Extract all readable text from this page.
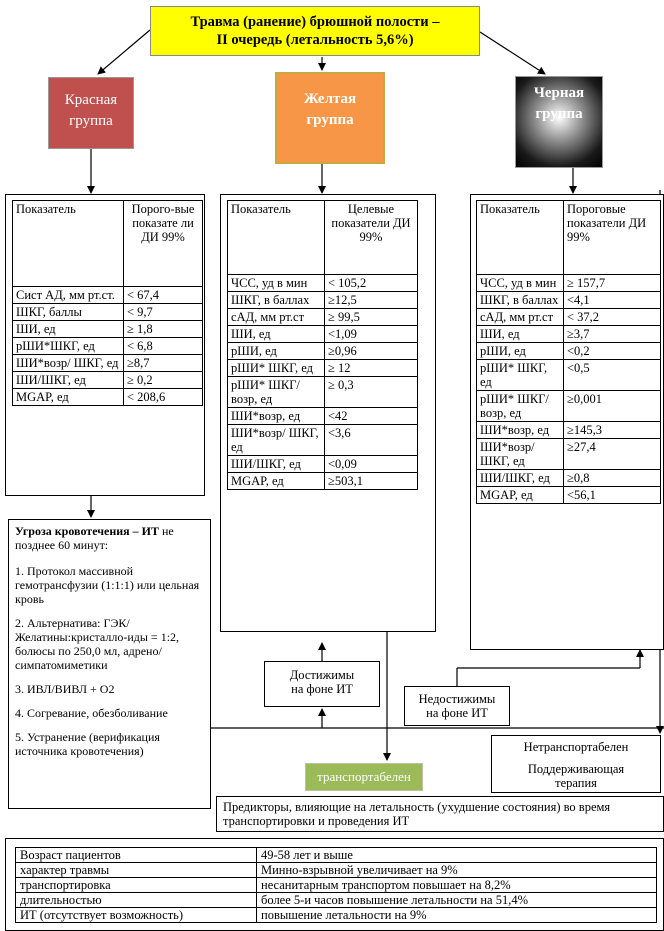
Травма (ранение) брюшной полости –
II очередь (летальность 5,6%)
Красная
группа
Желтая
группа
Черная
группа
Показатель	Порого-вые показате ли ДИ 99%
Сист АД, мм рт.ст.	< 67,4
ШКГ, баллы	< 9,7
ШИ, ед	≥ 1,8
рШИ*ШКГ, ед	< 6,8
ШИ*возр/ ШКГ, ед	≥8,7
ШИ/ШКГ, ед	≥ 0,2
MGAP, ед	< 208,6
Показатель	Целевые показатели ДИ 99%
ЧСС, уд в мин	< 105,2
ШКГ, в баллах	≥12,5
сАД, мм рт.ст	≥ 99,5
ШИ, ед	<1,09
рШИ, ед	≥0,96
рШИ* ШКГ, ед	≥ 12
рШИ* ШКГ/ возр, ед	≥ 0,3
ШИ*возр, ед	<42
ШИ*возр/ ШКГ, ед	<3,6
ШИ/ШКГ, ед	<0,09
MGAP, ед	≥503,1
Показатель	Пороговые показатели ДИ 99%
ЧСС, уд в мин	≥ 157,7
ШКГ, в баллах	<4,1
сАД, мм рт.ст	< 37,2
ШИ, ед	≥3,7
рШИ, ед	<0,2
рШИ* ШКГ, ед	<0,5
рШИ* ШКГ/ возр, ед	≥0,001
ШИ*возр, ед	≥145,3
ШИ*возр/ ШКГ, ед	≥27,4
ШИ/ШКГ, ед	≥0,8
MGAP, ед	<56,1

Угроза кровотечения – ИТ не позднее 60 минут:

1. Протокол массивной гемотрансфузии (1:1:1) или цельная кровь

2. Альтернатива: ГЭК/Желатины:кристалло-иды = 1:2, болюсы по 250,0 мл, адрено/симпатомиметики

3. ИВЛ/ВИВЛ + О2

4. Согревание, обезболивание

5. Устранение (верификация источника кровотечения)

Достижимы
на фоне ИТ
Недостижимы
на фоне ИТ
транспортабелен
Нетранспортабелен
Поддерживающая
терапия
Предикторы, влияющие на летальность (ухудшение состояния) во время транспортировки и проведения ИТ
Возраст пациентов	49-58 лет и выше
характер травмы	Минно-взрывной увеличивает на 9%
транспортировка	несанитарным транспортом повышает на 8,2%
длительностью	более 5-и часов повышение летальности на 51,4%
ИТ (отсутствует возможность)	повышение летальности на 9%
